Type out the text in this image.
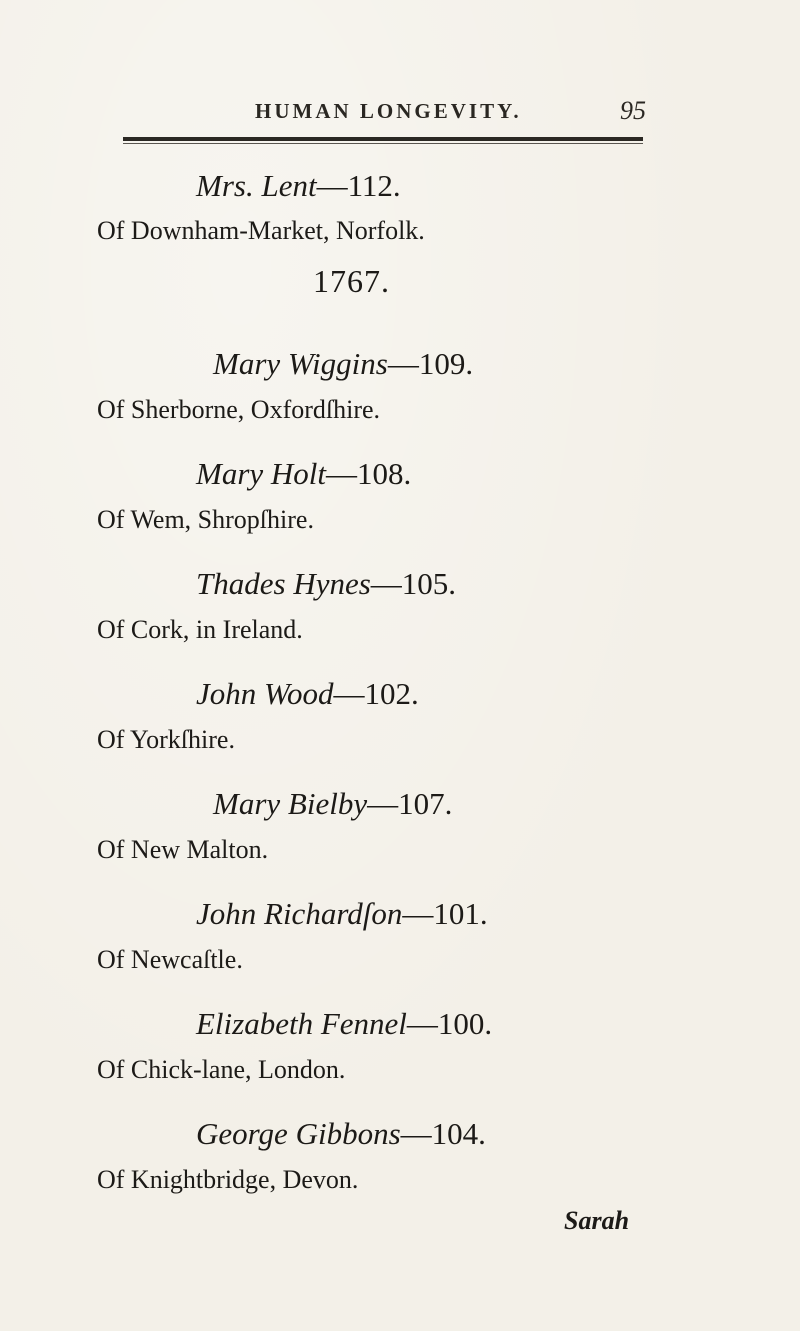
HUMAN LONGEVITY.	95
Mrs. Lent—112.
Of Downham-Market, Norfolk.
1767.
Mary Wiggins—109.
Of Sherborne, Oxfordſhire.
Mary Holt—108.
Of Wem, Shropſhire.
Thades Hynes—105.
Of Cork, in Ireland.
John Wood—102.
Of Yorkſhire.
Mary Bielby—107.
Of New Malton.
John Richardſon—101.
Of Newcaſtle.
Elizabeth Fennel—100.
Of Chick-lane, London.
George Gibbons—104.
Of Knightbridge, Devon.
Sarah
